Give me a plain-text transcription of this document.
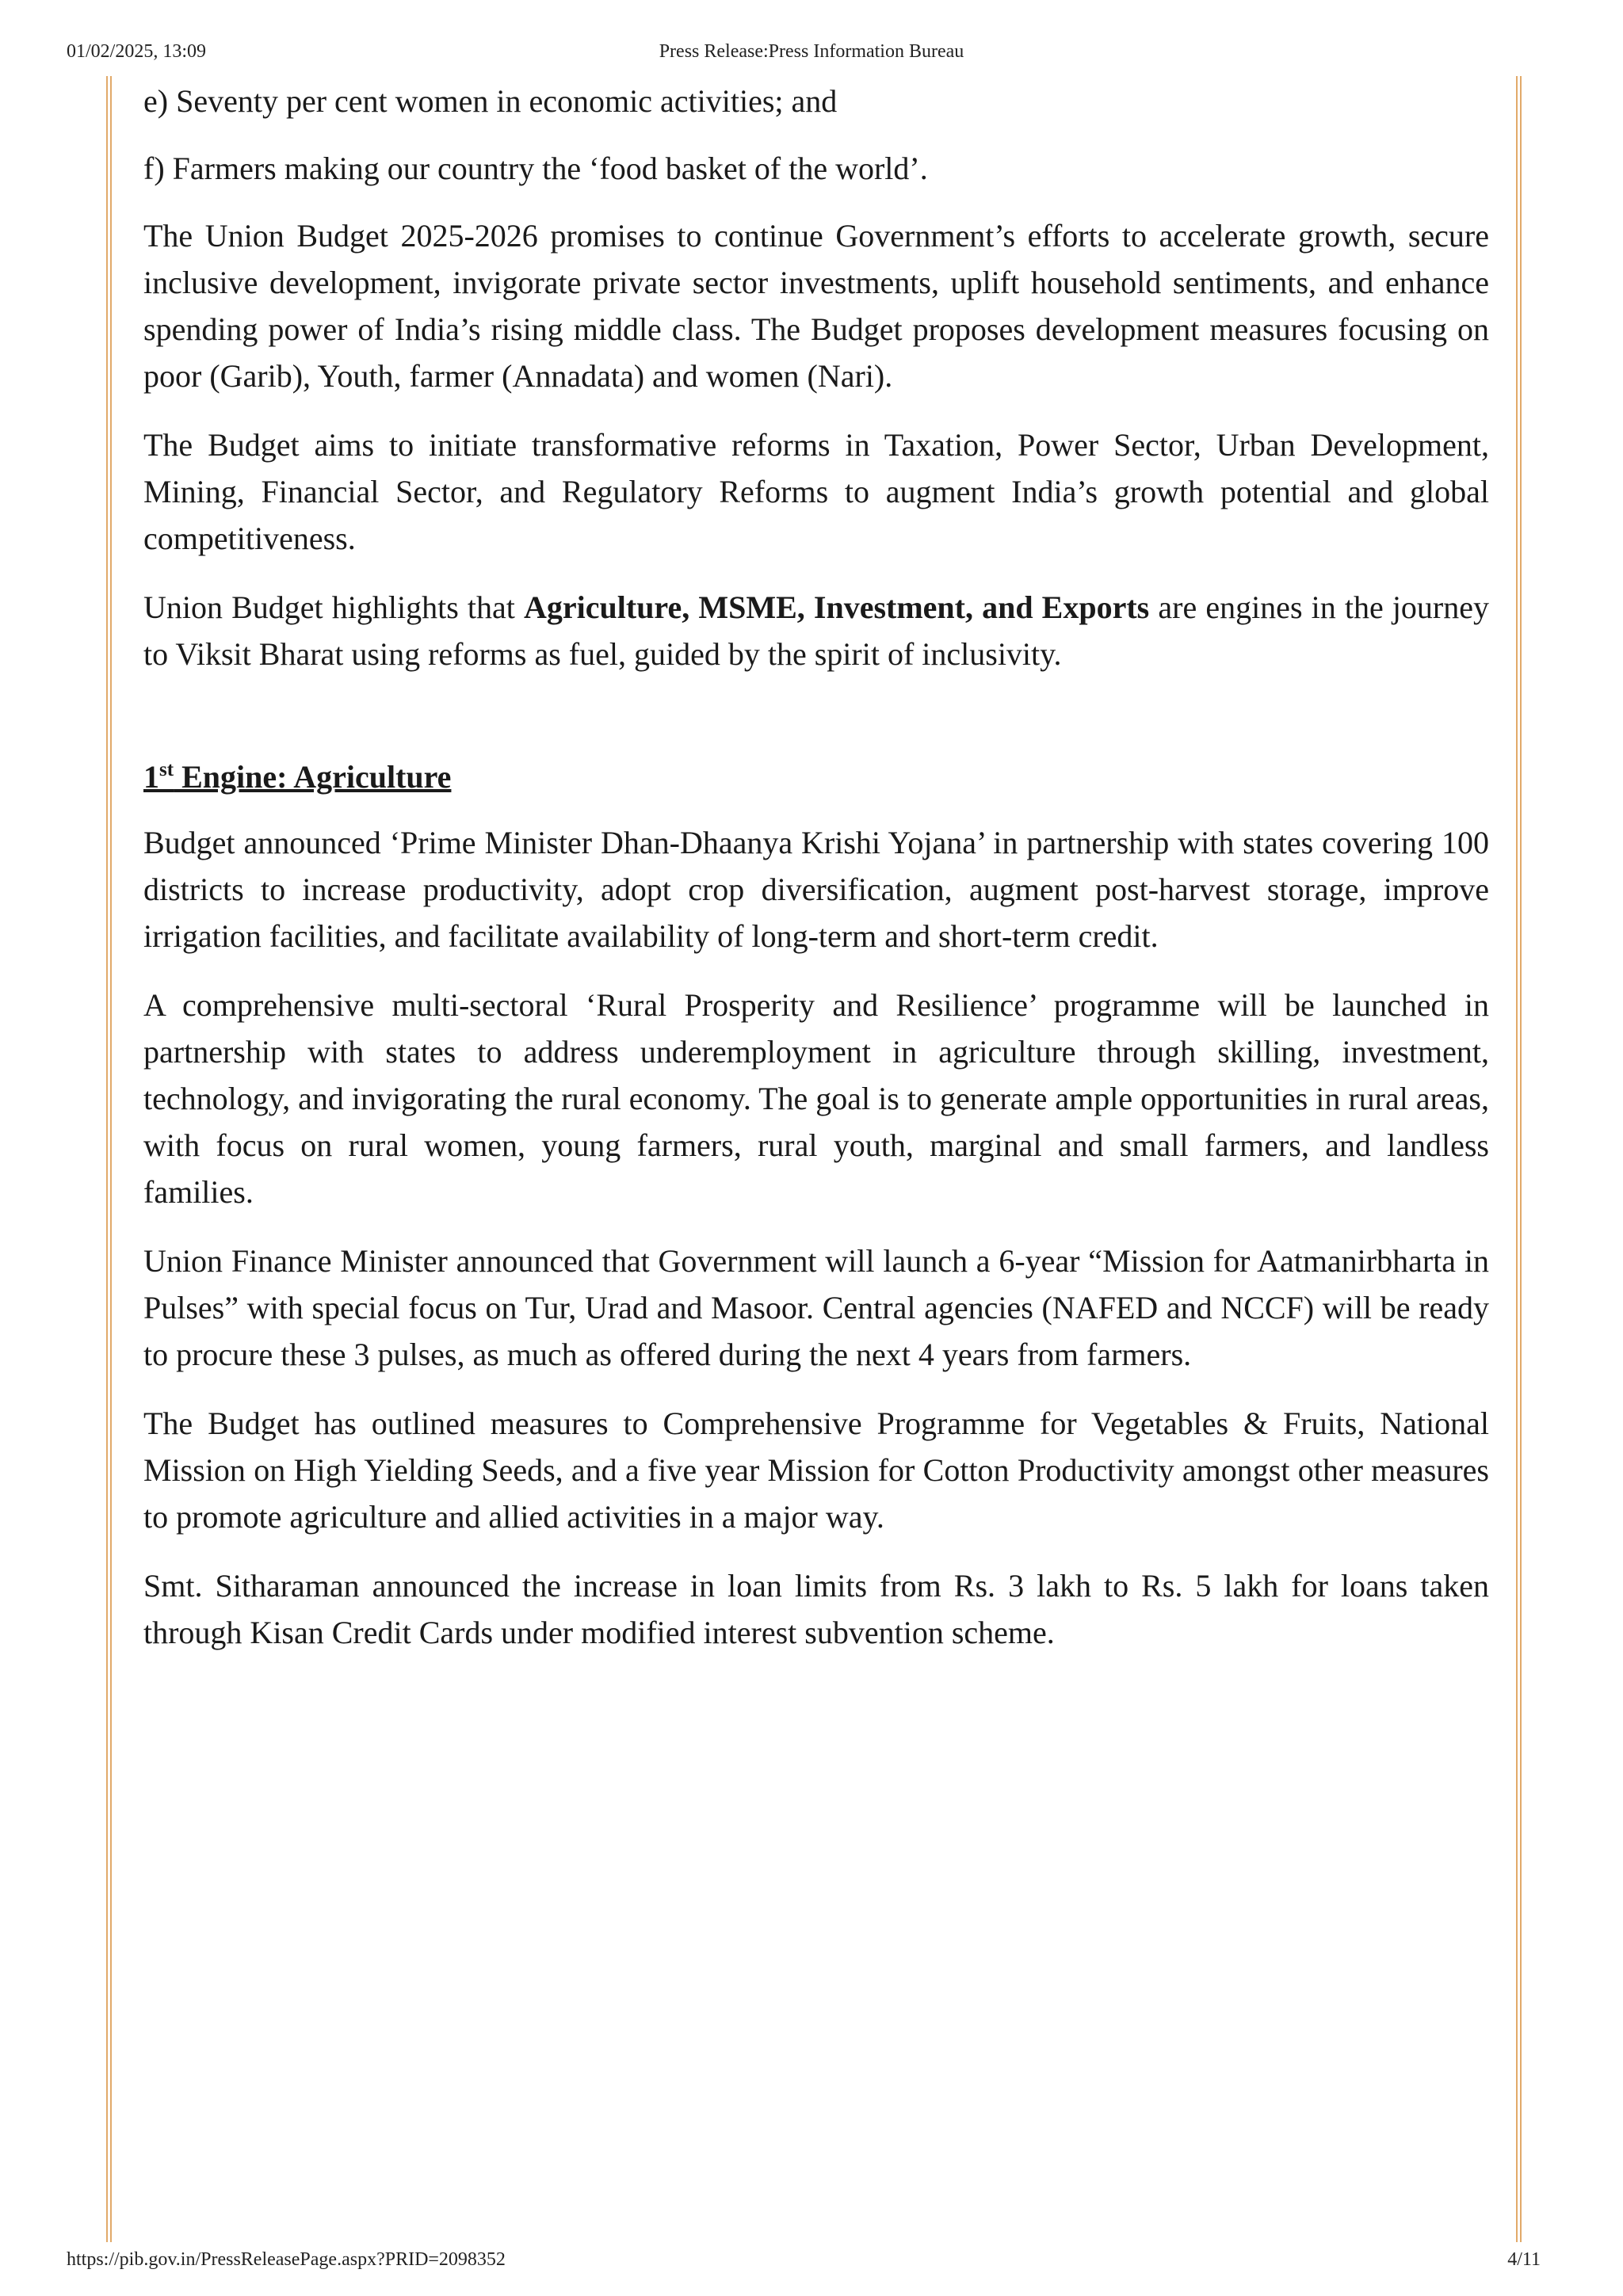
01/02/2025, 13:09	Press Release:Press Information Bureau

e) Seventy per cent women in economic activities; and

f) Farmers making our country the ‘food basket of the world’.

The Union Budget 2025-2026 promises to continue Government’s efforts to accelerate growth, secure inclusive development, invigorate private sector investments, uplift household sentiments, and enhance spending power of India’s rising middle class. The Budget proposes development measures focusing on poor (Garib), Youth, farmer (Annadata) and women (Nari).

The Budget aims to initiate transformative reforms in Taxation, Power Sector, Urban Development, Mining, Financial Sector, and Regulatory Reforms to augment India’s growth potential and global competitiveness.

Union Budget highlights that Agriculture, MSME, Investment, and Exports are engines in the journey to Viksit Bharat using reforms as fuel, guided by the spirit of inclusivity.

1st Engine: Agriculture

Budget announced ‘Prime Minister Dhan-Dhaanya Krishi Yojana’ in partnership with states covering 100 districts to increase productivity, adopt crop diversification, augment post-harvest storage, improve irrigation facilities, and facilitate availability of long-term and short-term credit.

A comprehensive multi-sectoral ‘Rural Prosperity and Resilience’ programme will be launched in partnership with states to address underemployment in agriculture through skilling, investment, technology, and invigorating the rural economy. The goal is to generate ample opportunities in rural areas, with focus on rural women, young farmers, rural youth, marginal and small farmers, and landless families.

Union Finance Minister announced that Government will launch a 6-year “Mission for Aatmanirbharta in Pulses” with special focus on Tur, Urad and Masoor. Central agencies (NAFED and NCCF) will be ready to procure these 3 pulses, as much as offered during the next 4 years from farmers.

The Budget has outlined measures to Comprehensive Programme for Vegetables & Fruits, National Mission on High Yielding Seeds, and a five year Mission for Cotton Productivity amongst other measures to promote agriculture and allied activities in a major way.

Smt. Sitharaman announced the increase in loan limits from Rs. 3 lakh to Rs. 5 lakh for loans taken through Kisan Credit Cards under modified interest subvention scheme.

https://pib.gov.in/PressReleasePage.aspx?PRID=2098352	4/11
